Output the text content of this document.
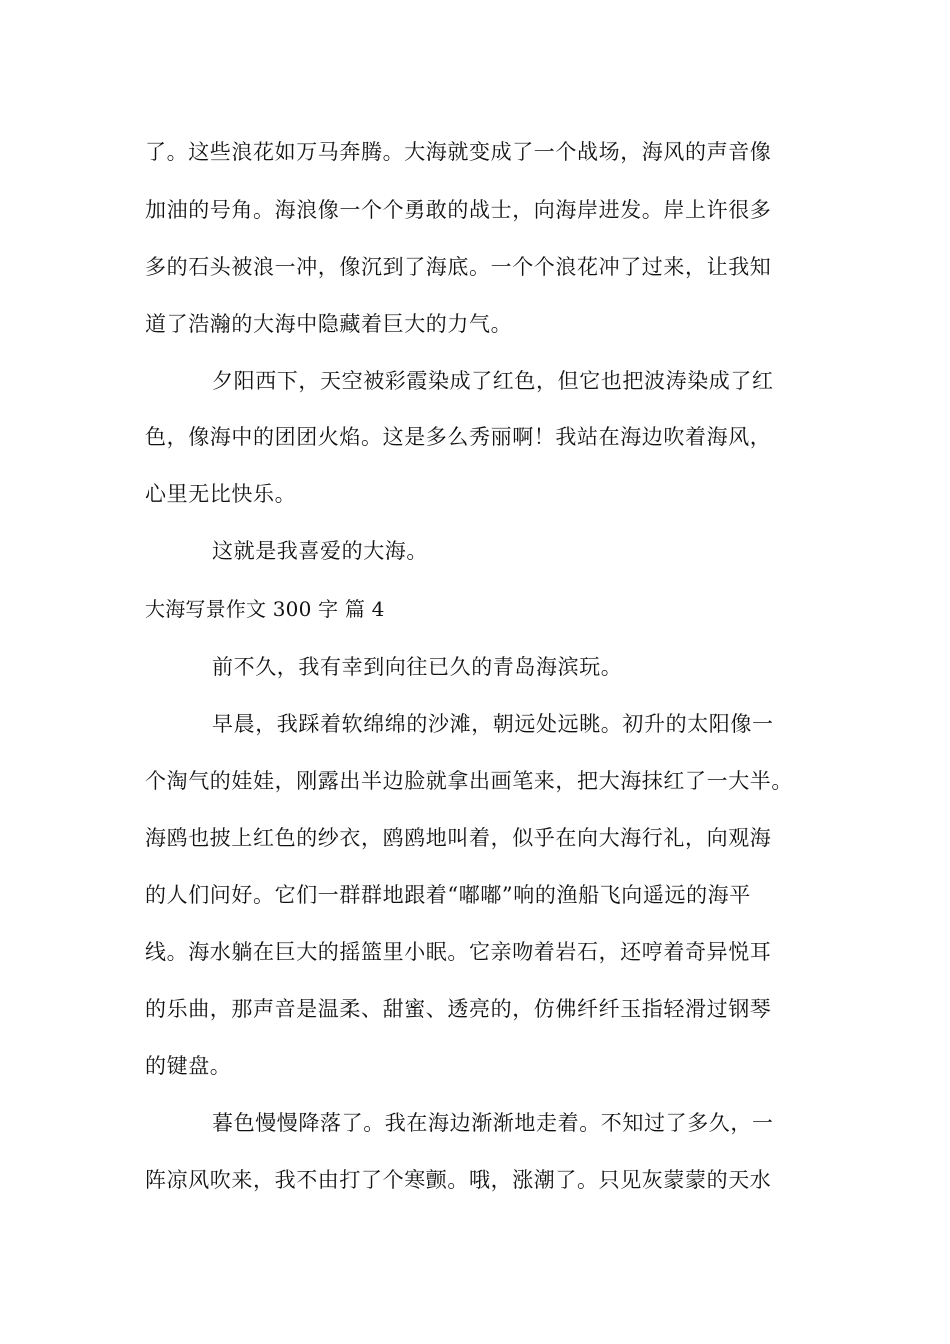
了。这些浪花如万马奔腾。大海就变成了一个战场，海风的声音像
加油的号角。海浪像一个个勇敢的战士，向海岸进发。岸上许很多
多的石头被浪一冲，像沉到了海底。一个个浪花冲了过来，让我知
道了浩瀚的大海中隐藏着巨大的力气。
夕阳西下，天空被彩霞染成了红色，但它也把波涛染成了红
色，像海中的团团火焰。这是多么秀丽啊！我站在海边吹着海风，
心里无比快乐。
这就是我喜爱的大海。
大海写景作文 300 字 篇 4
前不久，我有幸到向往已久的青岛海滨玩。
早晨，我踩着软绵绵的沙滩，朝远处远眺。初升的太阳像一
个淘气的娃娃，刚露出半边脸就拿出画笔来，把大海抹红了一大半。
海鸥也披上红色的纱衣，鸥鸥地叫着，似乎在向大海行礼，向观海
的人们问好。它们一群群地跟着“嘟嘟”响的渔船飞向遥远的海平
线。海水躺在巨大的摇篮里小眠。它亲吻着岩石，还哼着奇异悦耳
的乐曲，那声音是温柔、甜蜜、透亮的，仿佛纤纤玉指轻滑过钢琴
的键盘。
暮色慢慢降落了。我在海边渐渐地走着。不知过了多久，一
阵凉风吹来，我不由打了个寒颤。哦，涨潮了。只见灰蒙蒙的天水
